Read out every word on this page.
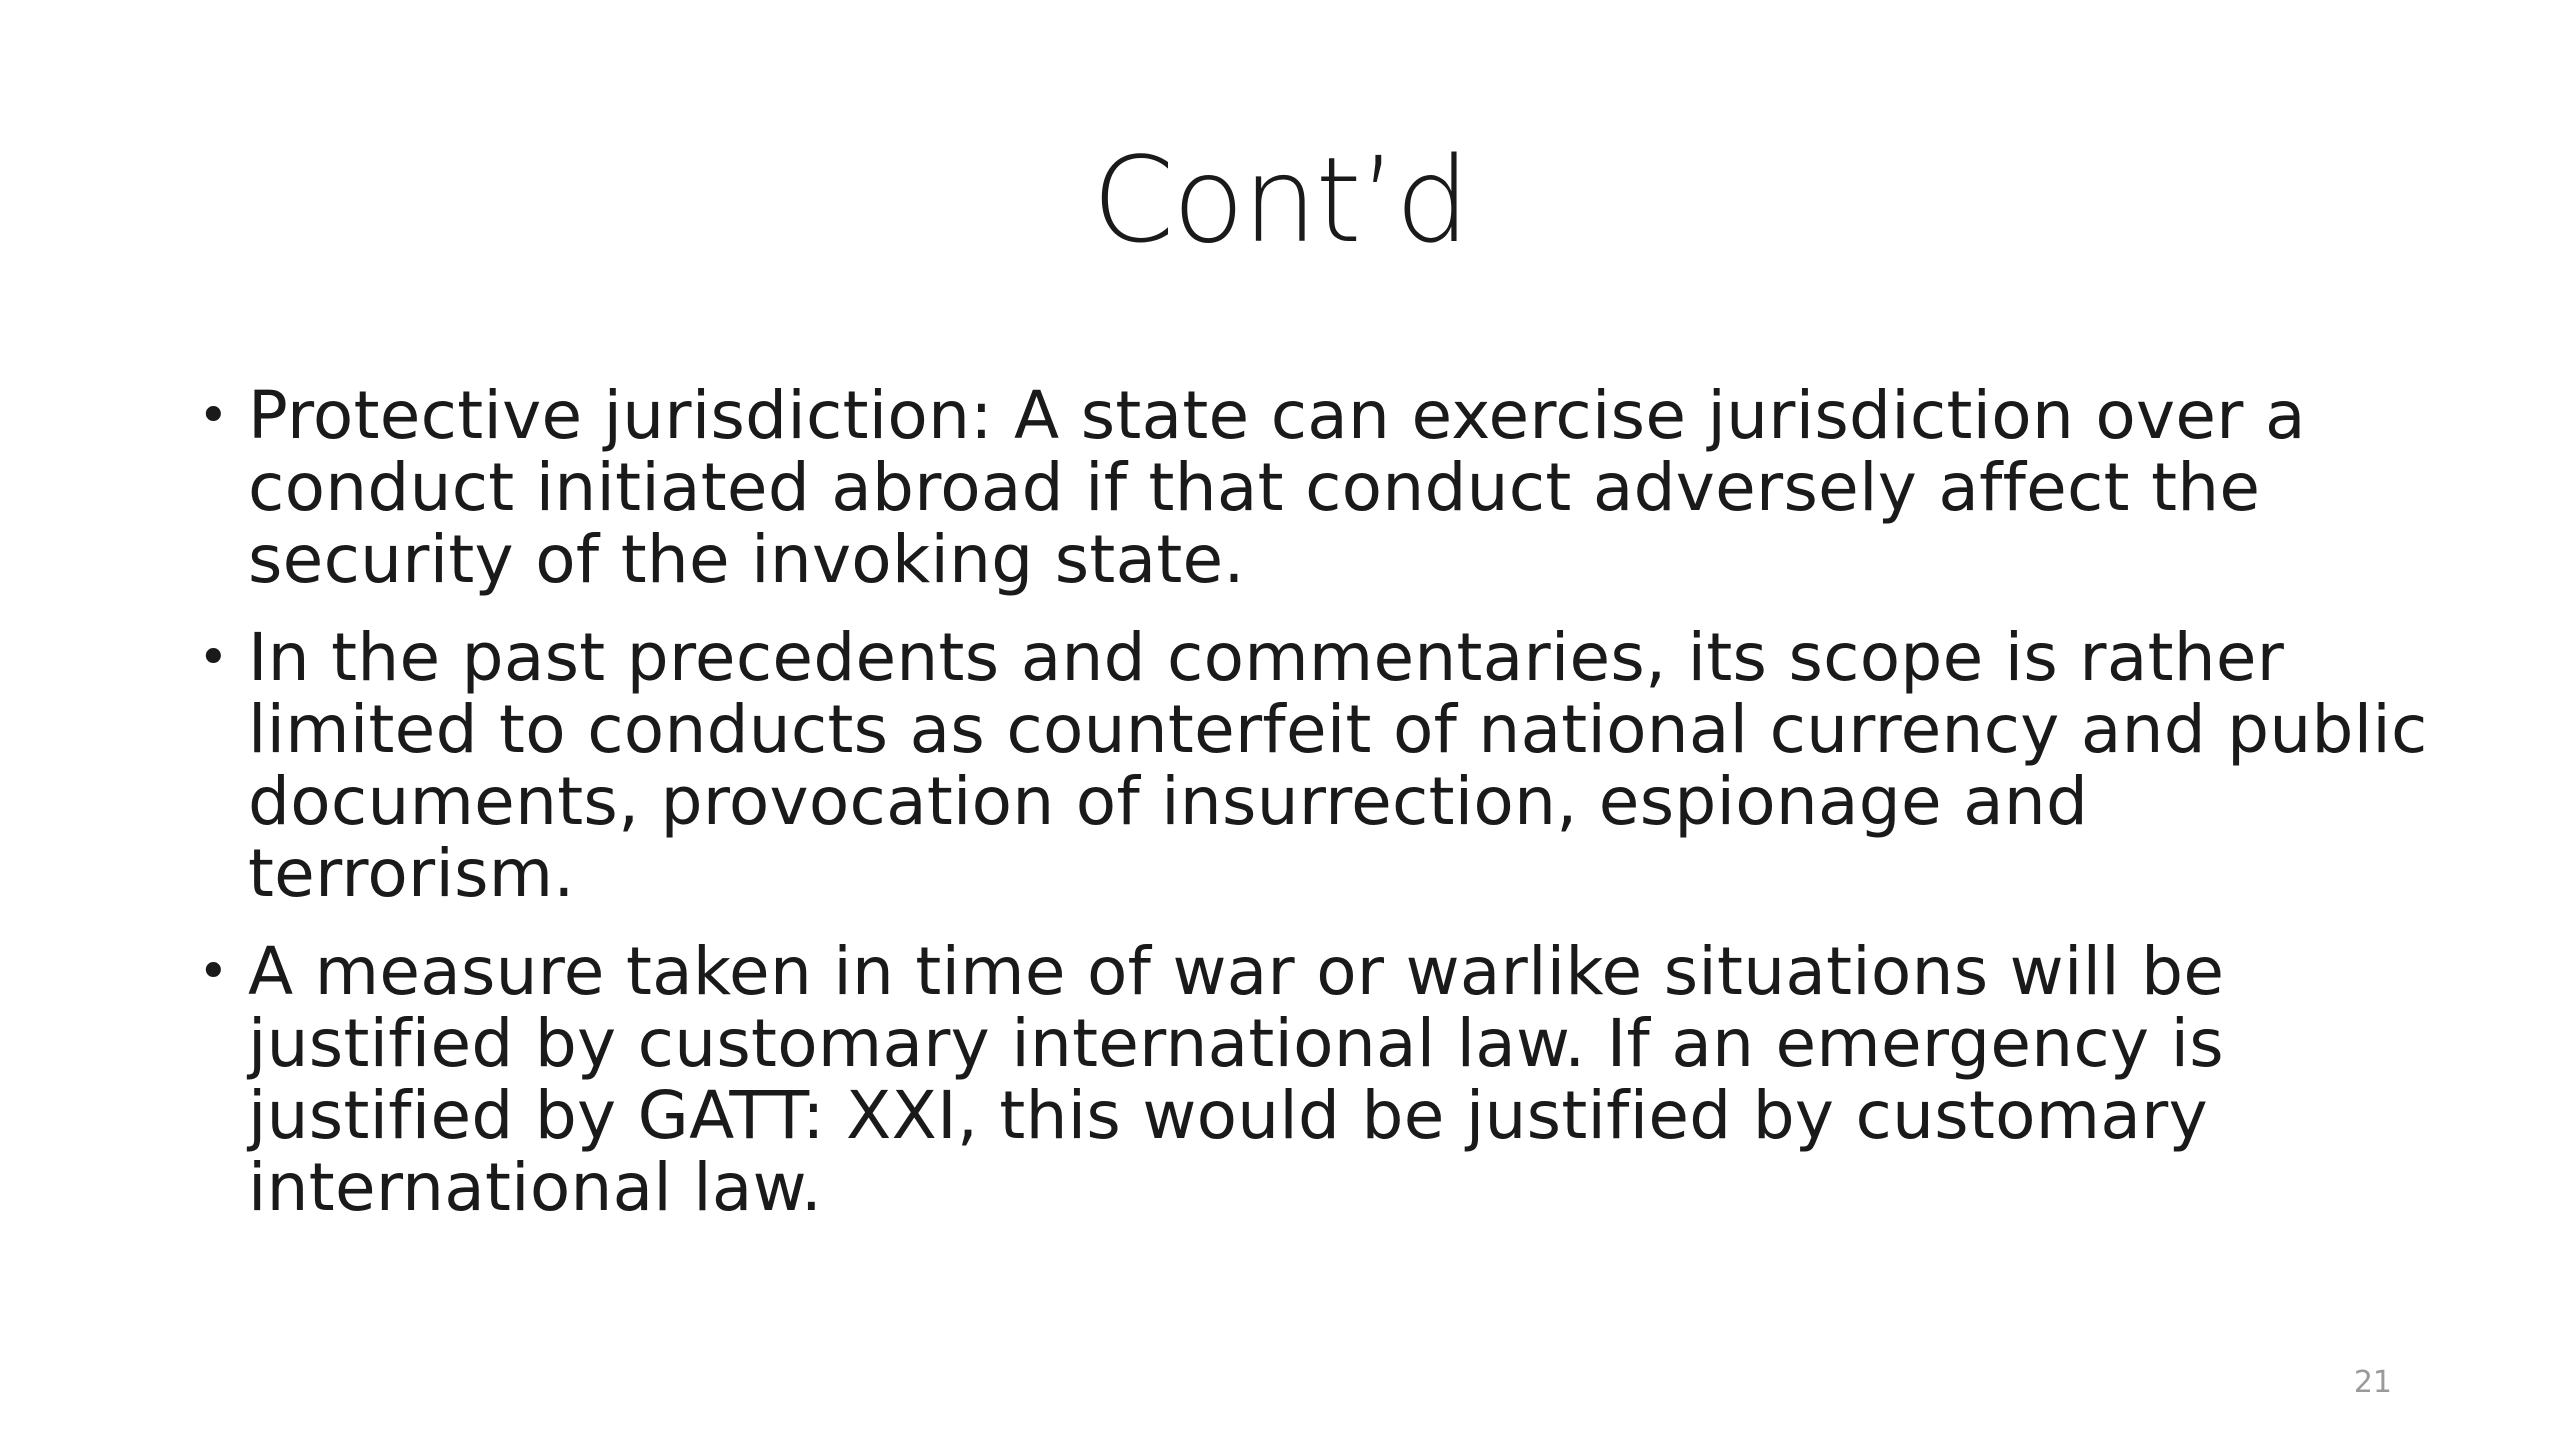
Cont’d
• Protective jurisdiction: A state can exercise jurisdiction over a conduct initiated abroad if that conduct adversely affect the security of the invoking state.
• In the past precedents and commentaries, its scope is rather limited to conducts as counterfeit of national currency and public documents, provocation of insurrection, espionage and terrorism.
• A measure taken in time of war or warlike situations will be justified by customary international law. If an emergency is justified by GATT: XXI, this would be justified by customary international law.
21
